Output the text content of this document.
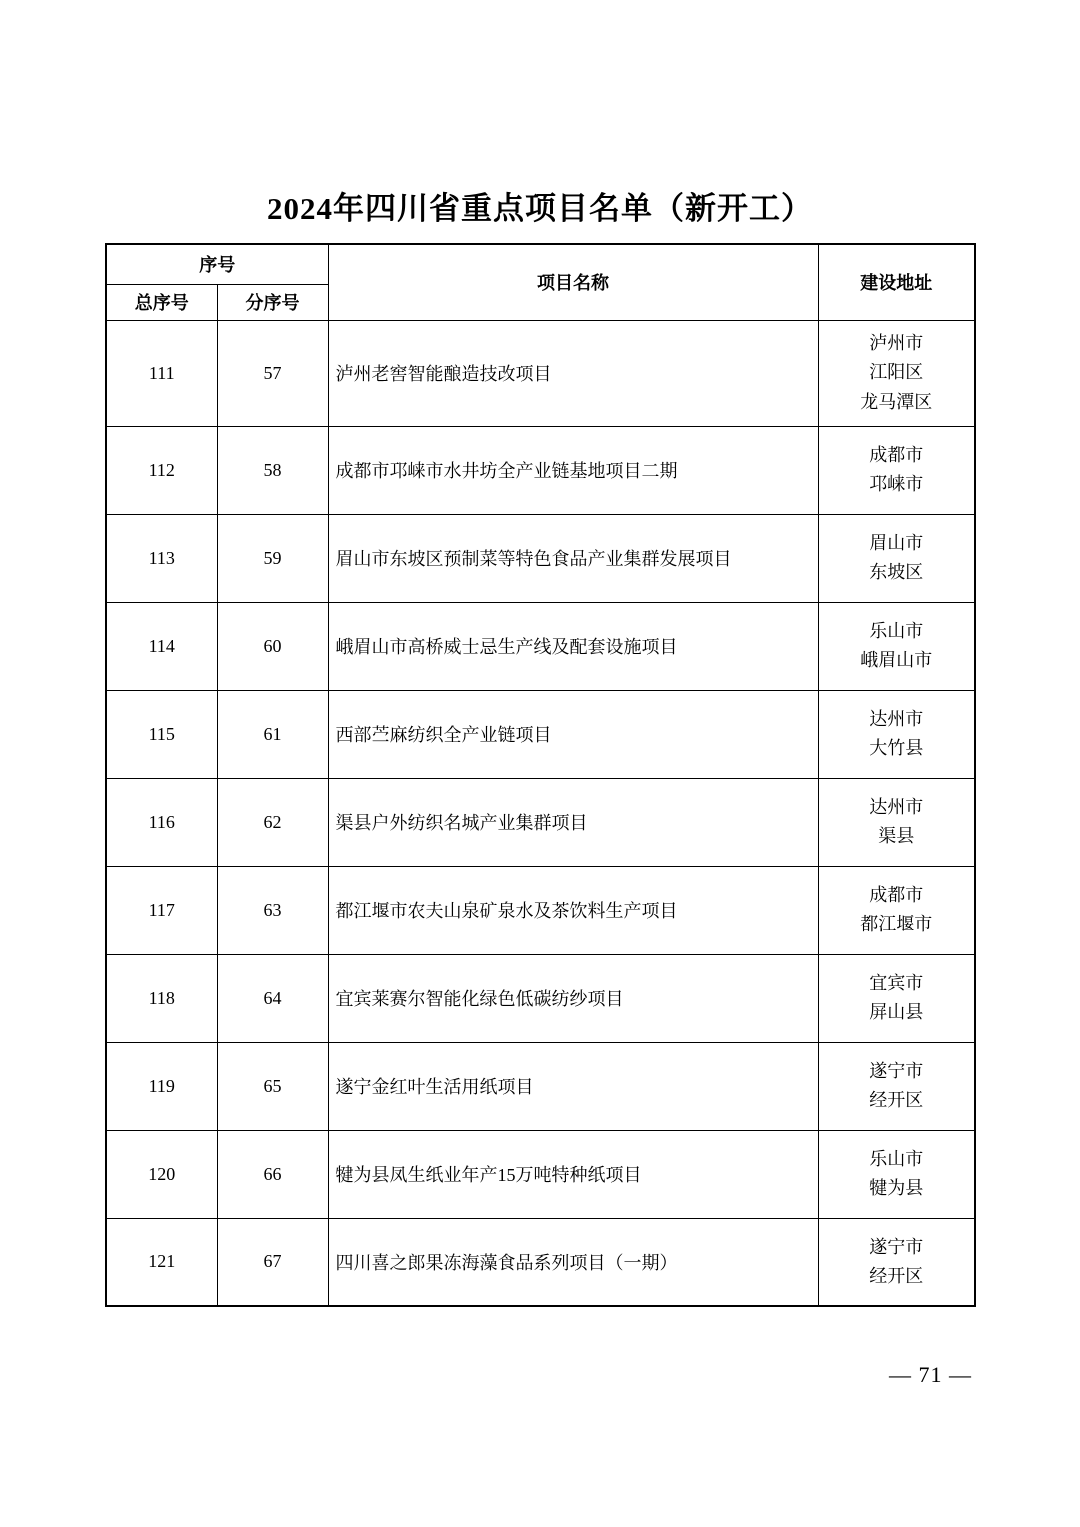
2024年四川省重点项目名单（新开工）
序号		项目名称	建设地址
总序号	分序号		
111	57	泸州老窖智能酿造技改项目	泸州市
江阳区
龙马潭区

112	58	成都市邛崃市水井坊全产业链基地项目二期	成都市
邛崃市

113	59	眉山市东坡区预制菜等特色食品产业集群发展项目	眉山市
东坡区

114	60	峨眉山市高桥威士忌生产线及配套设施项目	乐山市
峨眉山市

115	61	西部苎麻纺织全产业链项目	达州市
大竹县

116	62	渠县户外纺织名城产业集群项目	达州市
渠县

117	63	都江堰市农夫山泉矿泉水及茶饮料生产项目	成都市
都江堰市

118	64	宜宾莱赛尔智能化绿色低碳纺纱项目	宜宾市
屏山县

119	65	遂宁金红叶生活用纸项目	遂宁市
经开区

120	66	犍为县凤生纸业年产15万吨特种纸项目	乐山市
犍为县

121	67	四川喜之郎果冻海藻食品系列项目（一期）	遂宁市
经开区
— 71 —
